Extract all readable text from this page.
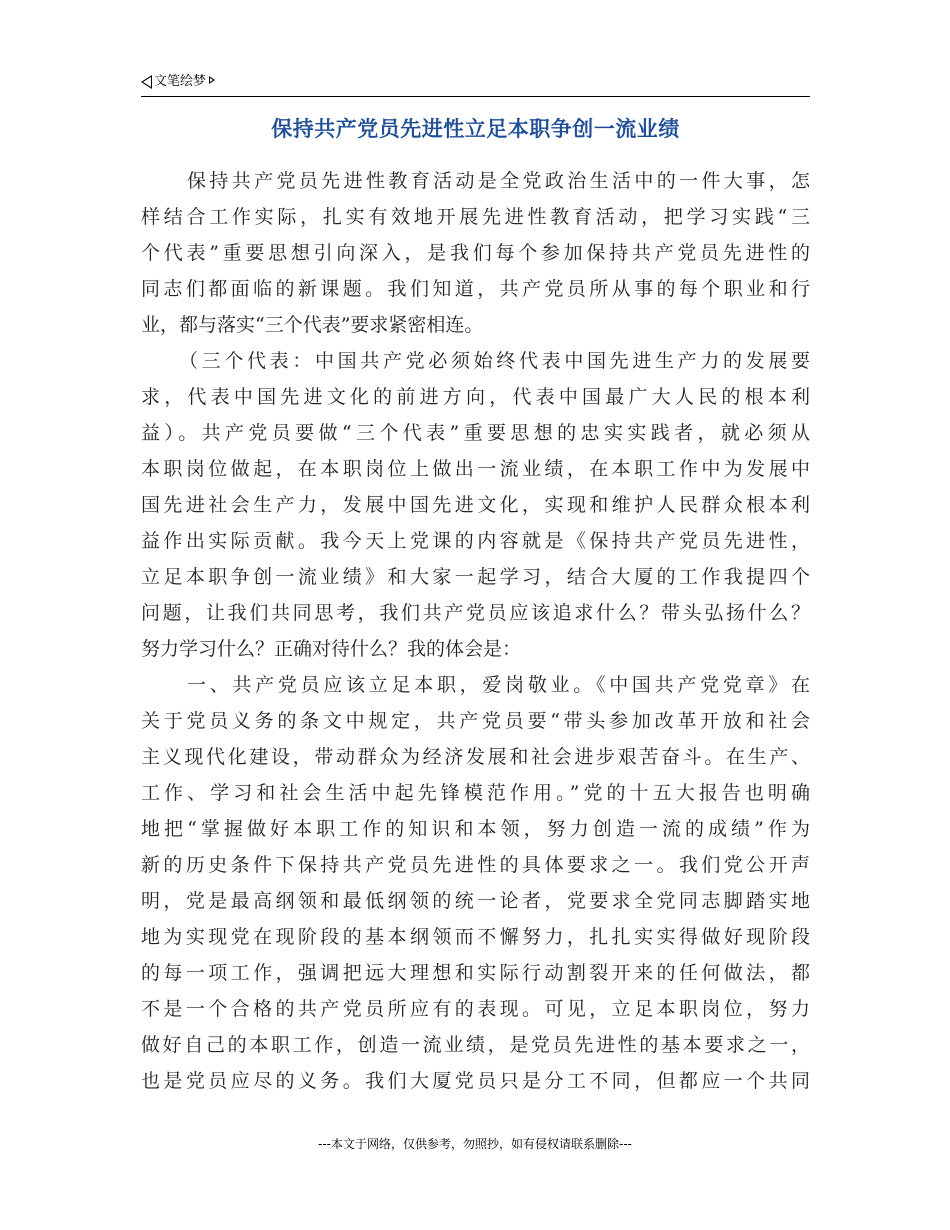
文笔绘梦
保持共产党员先进性立足本职争创一流业绩
保持共产党员先进性教育活动是全党政治生活中的一件大事，怎
样结合工作实际，扎实有效地开展先进性教育活动，把学习实践“三
个代表”重要思想引向深入，是我们每个参加保持共产党员先进性的
同志们都面临的新课题。我们知道，共产党员所从事的每个职业和行
业，都与落实“三个代表”要求紧密相连。
（三个代表：中国共产党必须始终代表中国先进生产力的发展要
求，代表中国先进文化的前进方向，代表中国最广大人民的根本利
益）。共产党员要做“三个代表”重要思想的忠实实践者，就必须从
本职岗位做起，在本职岗位上做出一流业绩，在本职工作中为发展中
国先进社会生产力，发展中国先进文化，实现和维护人民群众根本利
益作出实际贡献。我今天上党课的内容就是《保持共产党员先进性，
立足本职争创一流业绩》和大家一起学习，结合大厦的工作我提四个
问题，让我们共同思考，我们共产党员应该追求什么？带头弘扬什么？
努力学习什么？正确对待什么？我的体会是：
一、共产党员应该立足本职，爱岗敬业。《中国共产党党章》在
关于党员义务的条文中规定，共产党员要“带头参加改革开放和社会
主义现代化建设，带动群众为经济发展和社会进步艰苦奋斗。在生产、
工作、学习和社会生活中起先锋模范作用。”党的十五大报告也明确
地把“掌握做好本职工作的知识和本领，努力创造一流的成绩”作为
新的历史条件下保持共产党员先进性的具体要求之一。我们党公开声
明，党是最高纲领和最低纲领的统一论者，党要求全党同志脚踏实地
地为实现党在现阶段的基本纲领而不懈努力，扎扎实实得做好现阶段
的每一项工作，强调把远大理想和实际行动割裂开来的任何做法，都
不是一个合格的共产党员所应有的表现。可见，立足本职岗位，努力
做好自己的本职工作，创造一流业绩，是党员先进性的基本要求之一，
也是党员应尽的义务。我们大厦党员只是分工不同，但都应一个共同
---本文于网络，仅供参考，勿照抄，如有侵权请联系删除---
